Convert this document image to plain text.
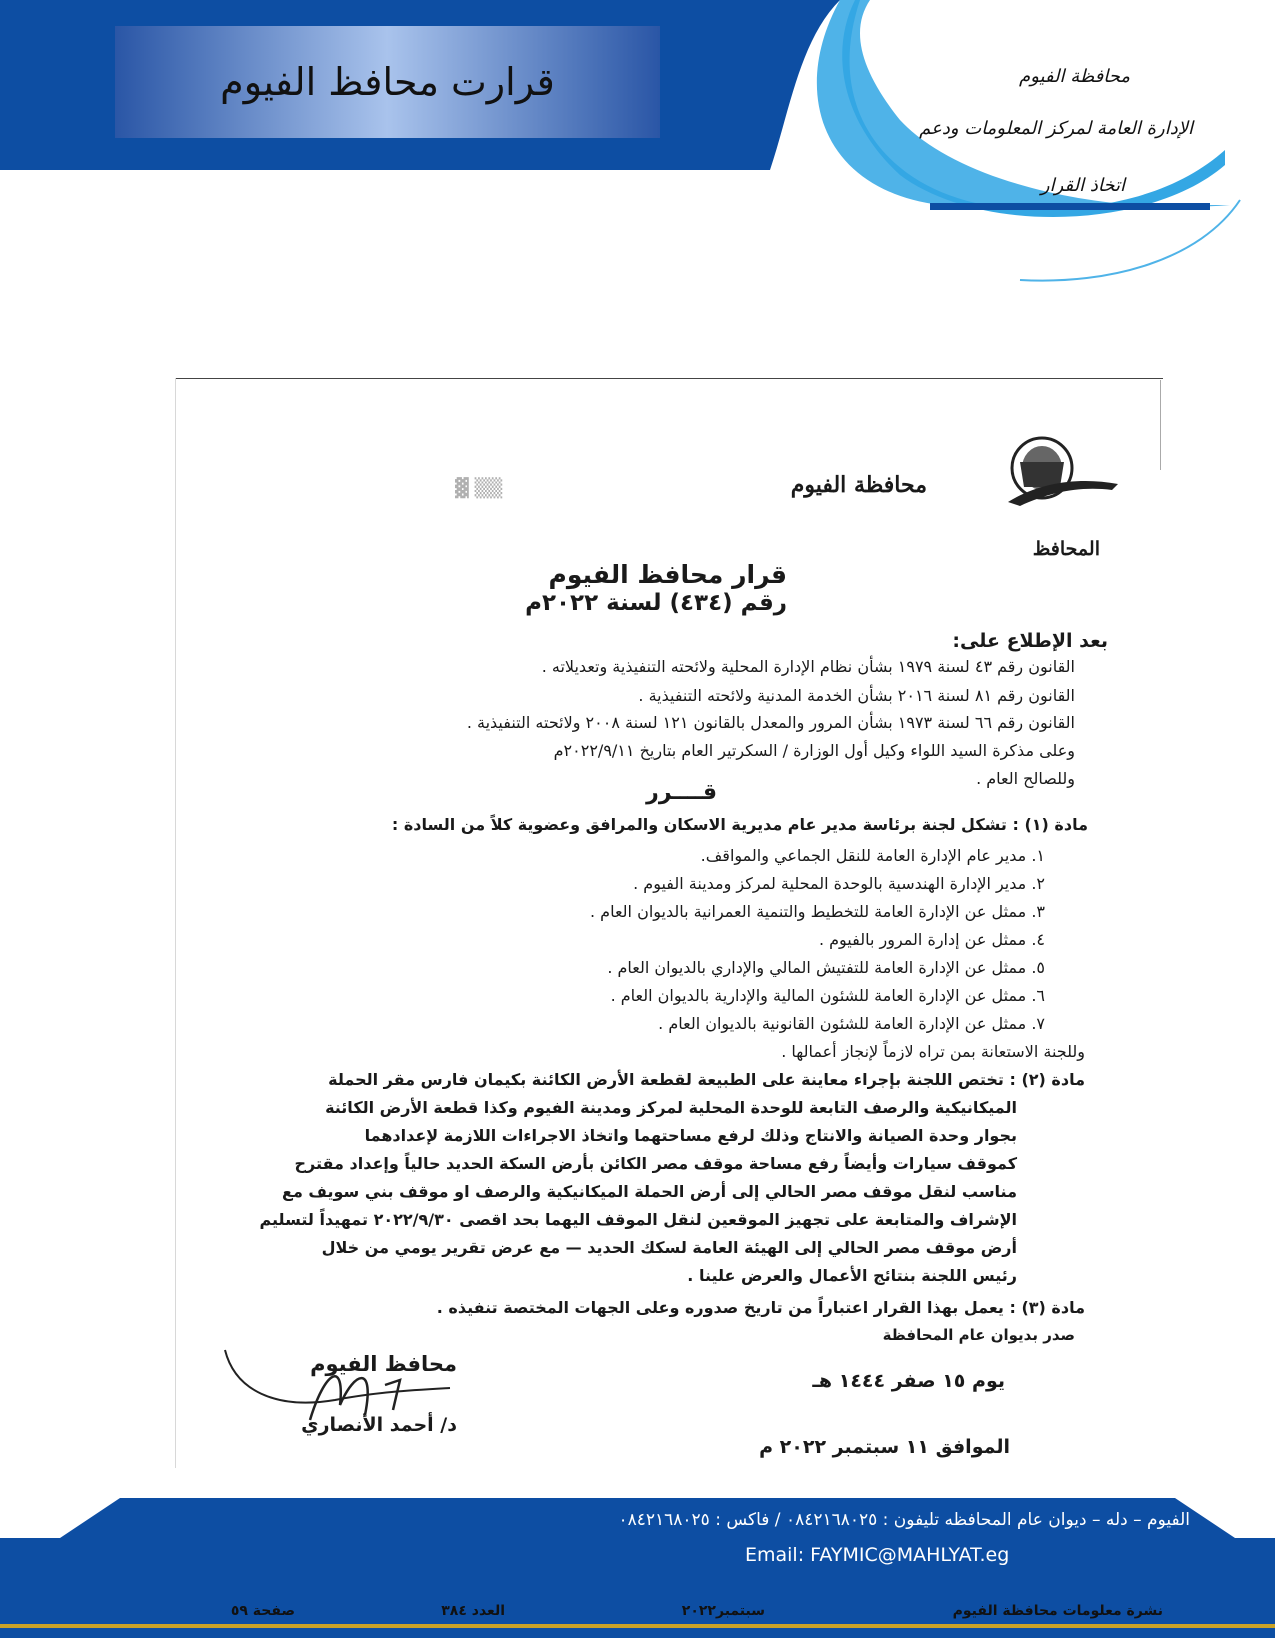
قرارت محافظ الفيوم	محافظة الفيوم
الإدارة العامة لمركز المعلومات ودعم
اتخاذ القرار
محافظة الفيوم
المحافظ
▒▒ ▓
قرار محافظ الفيوم
رقم (٤٣٤) لسنة ٢٠٢٢م
بعد الإطلاع على:
القانون رقم ٤٣ لسنة ١٩٧٩ بشأن نظام الإدارة المحلية ولائحته التنفيذية وتعديلاته .
القانون رقم ٨١ لسنة ٢٠١٦ بشأن الخدمة المدنية ولائحته التنفيذية .
القانون رقم ٦٦ لسنة ١٩٧٣ بشأن المرور والمعدل بالقانون ١٢١ لسنة ٢٠٠٨ ولائحته التنفيذية .
وعلى مذكرة السيد اللواء وكيل أول الوزارة / السكرتير العام بتاريخ ٢٠٢٢/٩/١١م
وللصالح العام .
قــــرر
مادة (١) : تشكل لجنة برئاسة مدير عام مديرية الاسكان والمرافق وعضوية كلاً من السادة :
١. مدير عام الإدارة العامة للنقل الجماعي والمواقف.
٢. مدير الإدارة الهندسية بالوحدة المحلية لمركز ومدينة الفيوم .
٣. ممثل عن الإدارة العامة للتخطيط والتنمية العمرانية بالديوان العام .
٤. ممثل عن إدارة المرور بالفيوم .
٥. ممثل عن الإدارة العامة للتفتيش المالي والإداري بالديوان العام .
٦. ممثل عن الإدارة العامة للشئون المالية والإدارية بالديوان العام .
٧. ممثل عن الإدارة العامة للشئون القانونية بالديوان العام .
وللجنة الاستعانة بمن تراه لازماً لإنجاز أعمالها .
مادة (٢) : تختص اللجنة بإجراء معاينة على الطبيعة لقطعة الأرض الكائنة بكيمان فارس مقر الحملة
الميكانيكية والرصف التابعة للوحدة المحلية لمركز ومدينة الفيوم وكذا قطعة الأرض الكائنة
بجوار وحدة الصيانة والانتاج وذلك لرفع مساحتهما واتخاذ الاجراءات اللازمة لإعدادهما
كموقف سيارات وأيضاً رفع مساحة موقف مصر الكائن بأرض السكة الحديد حالياً وإعداد مقترح
مناسب لنقل موقف مصر الحالي إلى أرض الحملة الميكانيكية والرصف او موقف بني سويف مع
الإشراف والمتابعة على تجهيز الموقعين لنقل الموقف اليهما بحد اقصى ٢٠٢٢/٩/٣٠ تمهيداً لتسليم
أرض موقف مصر الحالي إلى الهيئة العامة لسكك الحديد — مع عرض تقرير يومي من خلال
رئيس اللجنة بنتائج الأعمال والعرض علينا .
مادة (٣) : يعمل بهذا القرار اعتباراً من تاريخ صدوره وعلى الجهات المختصة تنفيذه .
صدر بديوان عام المحافظة
يوم ١٥ صفر ١٤٤٤ هـ
الموافق ١١ سبتمبر ٢٠٢٢ م
محافظ الفيوم
د/ أحمد الأنصاري
الفيوم – دله – ديوان عام المحافظه تليفون : ٠٨٤٢١٦٨٠٢٥ / فاكس : ٠٨٤٢١٦٨٠٢٥
Email: FAYMIC@MAHLYAT.eg
نشرة معلومات محافظة الفيوم
سبتمبر٢٠٢٢
العدد ٣٨٤
صفحة ٥٩
